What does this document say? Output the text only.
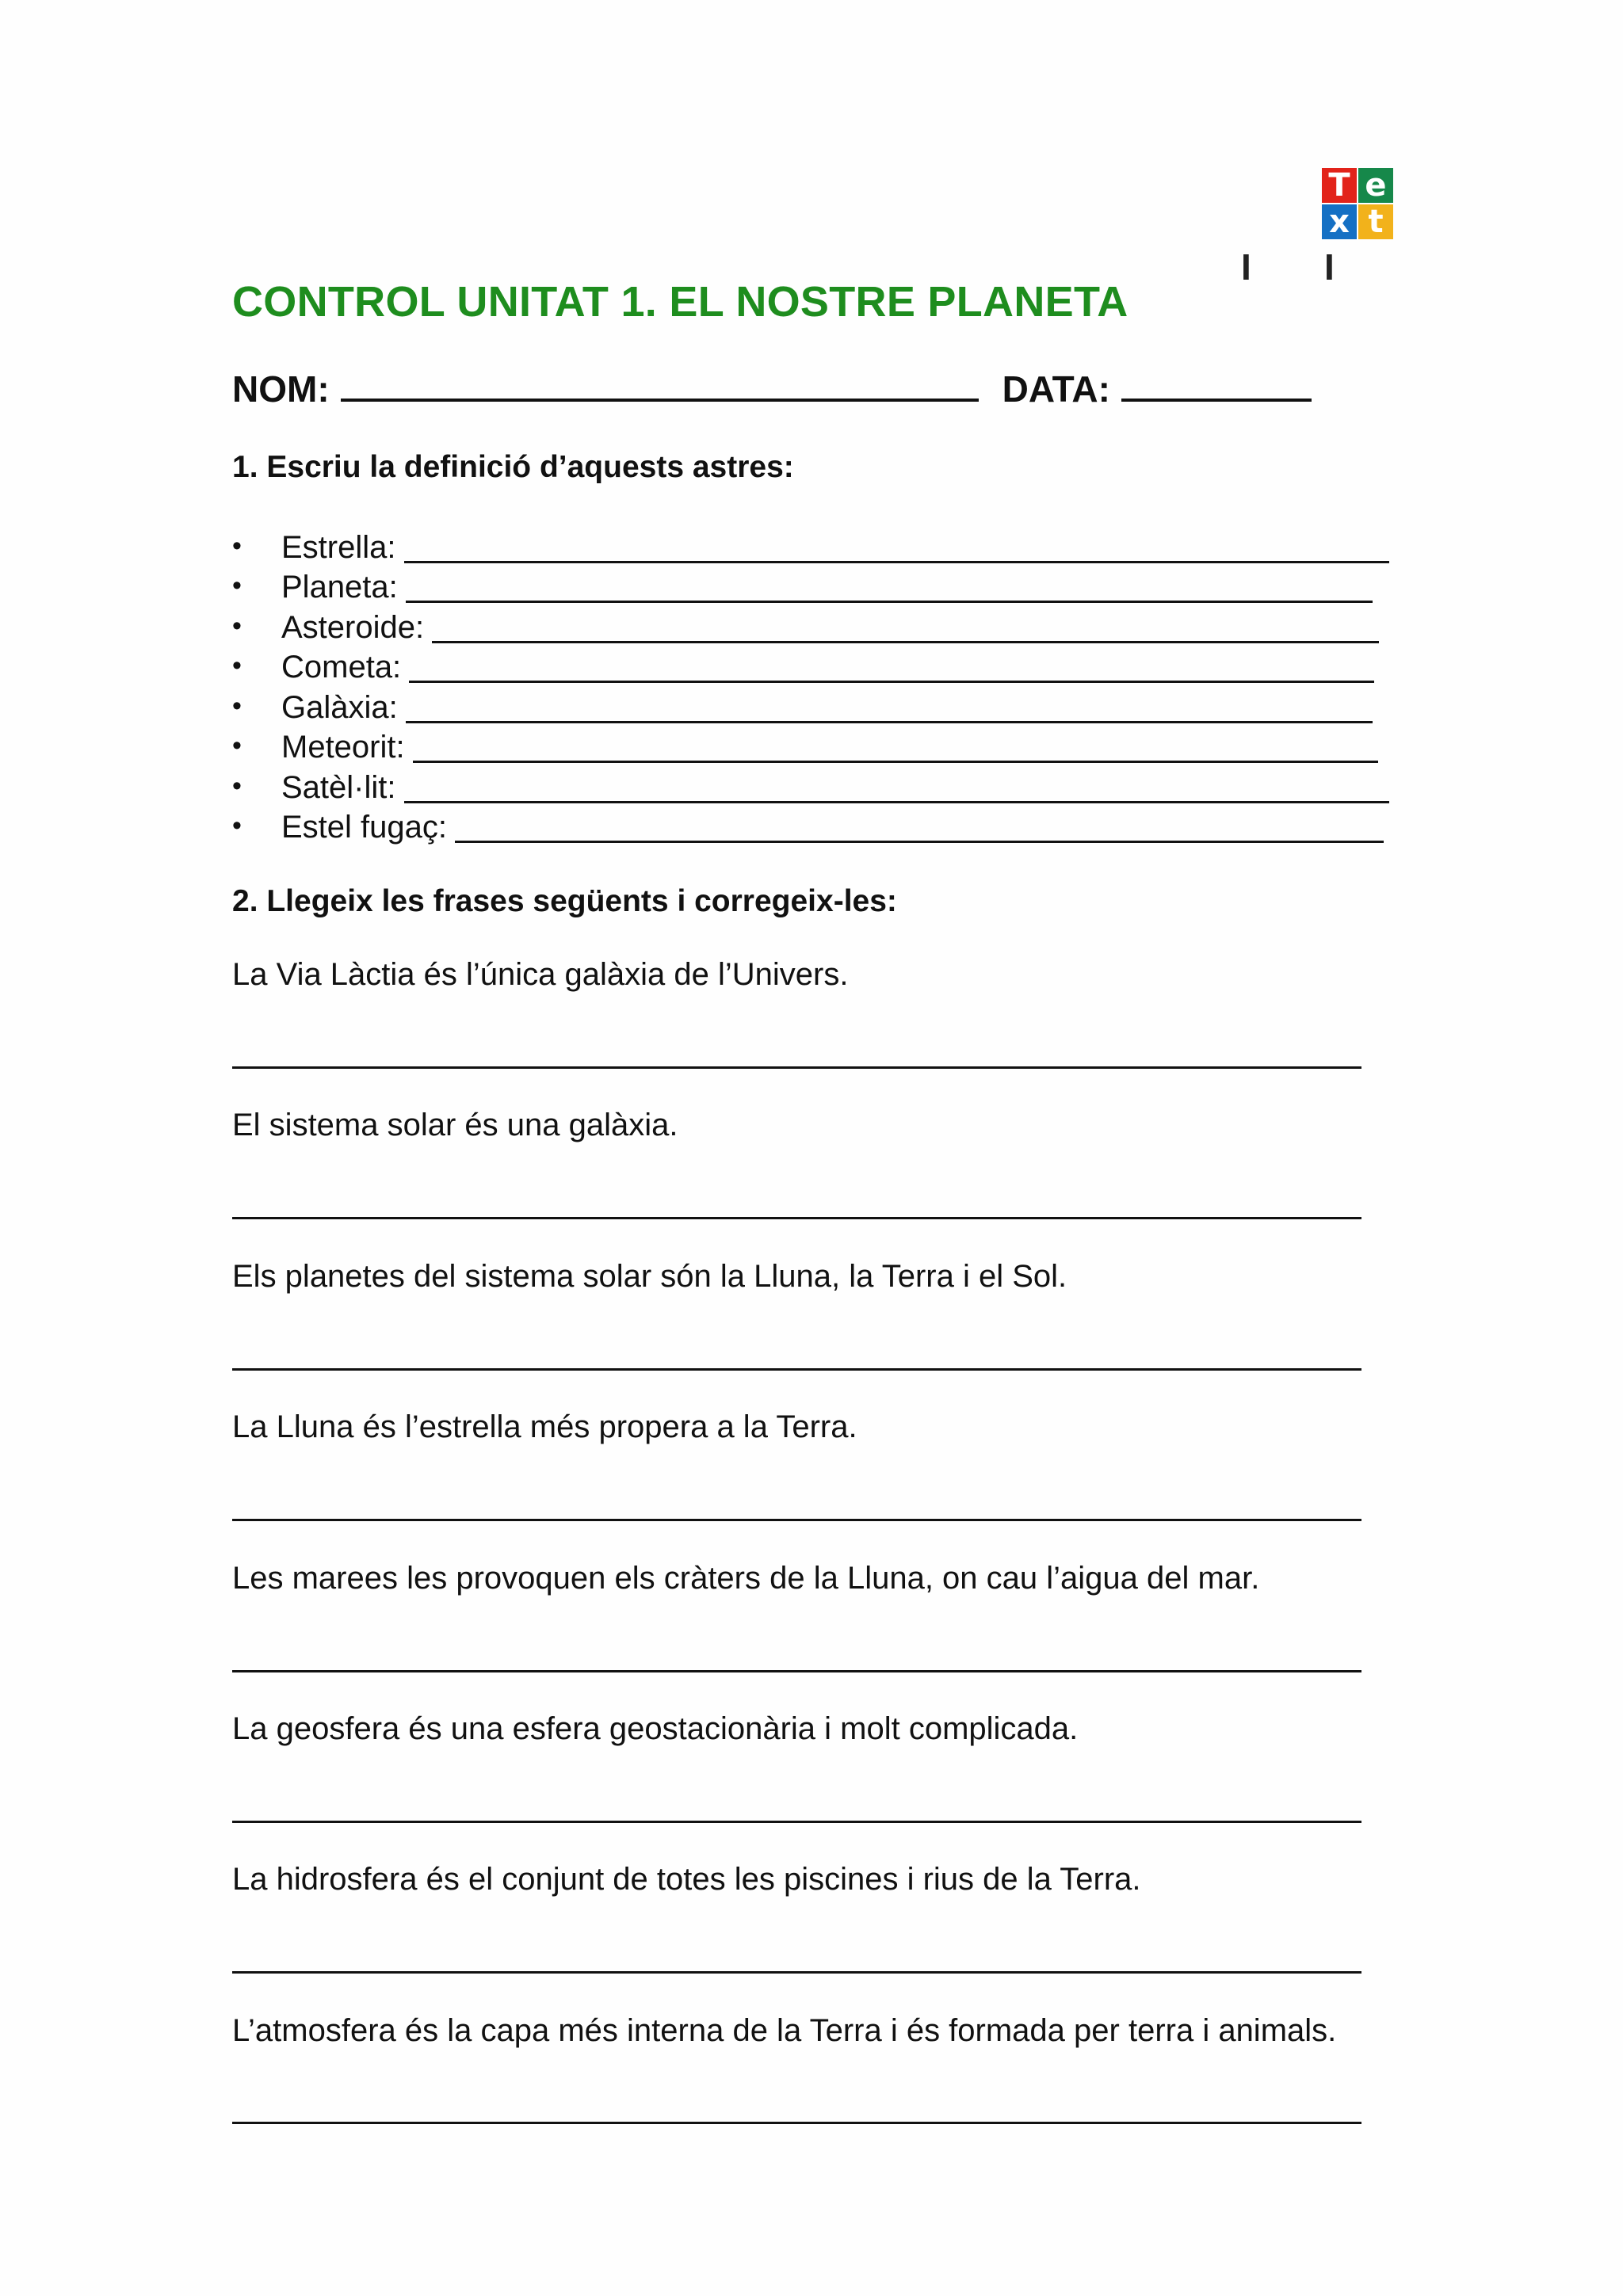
T e
x t
I I
CONTROL UNITAT 1. EL NOSTRE PLANETA
NOM:	DATA:
1. Escriu la definició d’aquests astres:
•	Estrella:
•	Planeta:
•	Asteroide:
•	Cometa:
•	Galàxia:
•	Meteorit:
•	Satèl·lit:
•	Estel fugaç:
2. Llegeix les frases següents i corregeix-les:
La Via Làctia és l’única galàxia de l’Univers.
El sistema solar és una galàxia.
Els planetes del sistema solar són la Lluna, la Terra i el Sol.
La Lluna és l’estrella més propera a la Terra.
Les marees les provoquen els cràters de la Lluna, on cau l’aigua del mar.
La geosfera és una esfera geostacionària i molt complicada.
La hidrosfera és el conjunt de totes les piscines i rius de la Terra.
L’atmosfera és la capa més interna de la Terra i és formada per terra i animals.
